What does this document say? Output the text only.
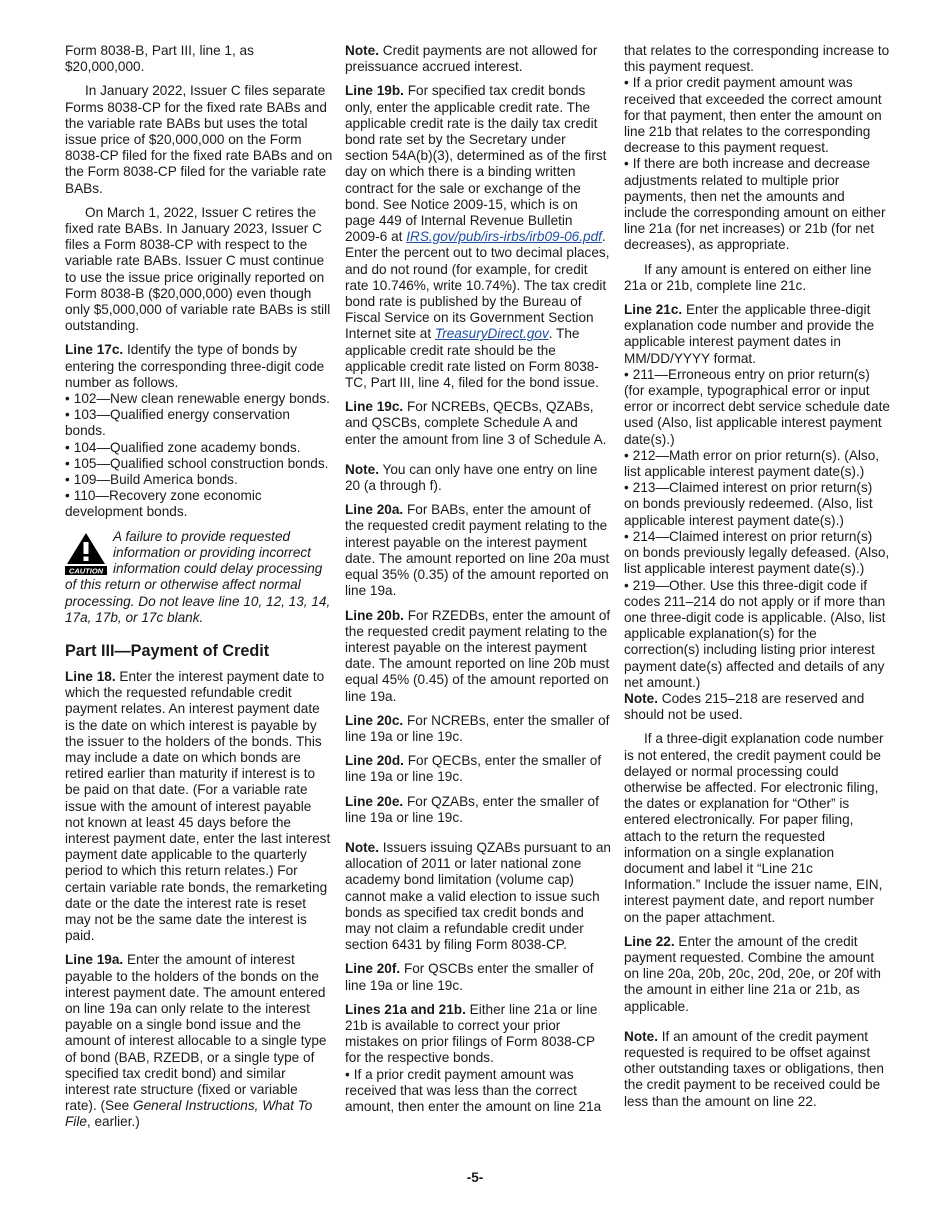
Form 8038-B, Part III, line 1, as $20,000,000.

In January 2022, Issuer C files separate Forms 8038-CP for the fixed rate BABs and the variable rate BABs but uses the total issue price of $20,000,000 on the Form 8038-CP filed for the fixed rate BABs and on the Form 8038-CP filed for the variable rate BABs.

On March 1, 2022, Issuer C retires the fixed rate BABs. In January 2023, Issuer C files a Form 8038-CP with respect to the variable rate BABs. Issuer C must continue to use the issue price originally reported on Form 8038-B ($20,000,000) even though only $5,000,000 of variable rate BABs is still outstanding.

Line 17c. Identify the type of bonds by entering the corresponding three-digit code number as follows.

• 102—New clean renewable energy bonds.
• 103—Qualified energy conservation bonds.
• 104—Qualified zone academy bonds.
• 105—Qualified school construction bonds.
• 109—Build America bonds.
• 110—Recovery zone economic development bonds.
CAUTION
A failure to provide requested information or providing incorrect information could delay processing of this return or otherwise affect normal processing. Do not leave line 10, 12, 13, 14, 17a, 17b, or 17c blank.
Part III—Payment of Credit

Line 18. Enter the interest payment date to which the requested refundable credit payment relates. An interest payment date is the date on which interest is payable by the issuer to the holders of the bonds. This may include a date on which bonds are retired earlier than maturity if interest is to be paid on that date. (For a variable rate issue with the amount of interest payable not known at least 45 days before the interest payment date, enter the last interest payment date applicable to the quarterly period to which this return relates.) For certain variable rate bonds, the remarketing date or the date the interest rate is reset may not be the same date the interest is paid.

Line 19a. Enter the amount of interest payable to the holders of the bonds on the interest payment date. The amount entered on line 19a can only relate to the interest payable on a single bond issue and the amount of interest allocable to a single type of bond (BAB, RZEDB, or a single type of specified tax credit bond) and similar interest rate structure (fixed or variable rate). (See General Instructions, What To File, earlier.)

Note. Credit payments are not allowed for preissuance accrued interest.

Line 19b. For specified tax credit bonds only, enter the applicable credit rate. The applicable credit rate is the daily tax credit bond rate set by the Secretary under section 54A(b)(3), determined as of the first day on which there is a binding written contract for the sale or exchange of the bond. See Notice 2009-15, which is on page 449 of Internal Revenue Bulletin 2009-6 at IRS.gov/pub/irs-irbs/irb09-06.pdf. Enter the percent out to two decimal places, and do not round (for example, for credit rate 10.746%, write 10.74%). The tax credit bond rate is published by the Bureau of Fiscal Service on its Government Section Internet site at TreasuryDirect.gov. The applicable credit rate should be the applicable credit rate listed on Form 8038-TC, Part III, line 4, filed for the bond issue.

Line 19c. For NCREBs, QECBs, QZABs, and QSCBs, complete Schedule A and enter the amount from line 3 of Schedule A.

Note. You can only have one entry on line 20 (a through f).

Line 20a. For BABs, enter the amount of the requested credit payment relating to the interest payable on the interest payment date. The amount reported on line 20a must equal 35% (0.35) of the amount reported on line 19a.

Line 20b. For RZEDBs, enter the amount of the requested credit payment relating to the interest payable on the interest payment date. The amount reported on line 20b must equal 45% (0.45) of the amount reported on line 19a.

Line 20c. For NCREBs, enter the smaller of line 19a or line 19c.

Line 20d. For QECBs, enter the smaller of line 19a or line 19c.

Line 20e. For QZABs, enter the smaller of line 19a or line 19c.

Note. Issuers issuing QZABs pursuant to an allocation of 2011 or later national zone academy bond limitation (volume cap) cannot make a valid election to issue such bonds as specified tax credit bonds and may not claim a refundable credit under section 6431 by filing Form 8038-CP.

Line 20f. For QSCBs enter the smaller of line 19a or line 19c.

Lines 21a and 21b. Either line 21a or line 21b is available to correct your prior mistakes on prior filings of Form 8038-CP for the respective bonds.

• If a prior credit payment amount was received that was less than the correct amount, then enter the amount on line 21a

that relates to the corresponding increase to this payment request.

• If a prior credit payment amount was received that exceeded the correct amount for that payment, then enter the amount on line 21b that relates to the corresponding decrease to this payment request.
• If there are both increase and decrease adjustments related to multiple prior payments, then net the amounts and include the corresponding amount on either line 21a (for net increases) or 21b (for net decreases), as appropriate.

If any amount is entered on either line 21a or 21b, complete line 21c.

Line 21c. Enter the applicable three-digit explanation code number and provide the applicable interest payment dates in MM/DD/YYYY format.

• 211—Erroneous entry on prior return(s) (for example, typographical error or input error or incorrect debt service schedule date used (Also, list applicable interest payment date(s).)
• 212—Math error on prior return(s). (Also, list applicable interest payment date(s).)
• 213—Claimed interest on prior return(s) on bonds previously redeemed. (Also, list applicable interest payment date(s).)
• 214—Claimed interest on prior return(s) on bonds previously legally defeased. (Also, list applicable interest payment date(s).)
• 219—Other. Use this three-digit code if codes 211–214 do not apply or if more than one three-digit code is applicable. (Also, list applicable explanation(s) for the correction(s) including listing prior interest payment date(s) affected and details of any net amount.)

Note. Codes 215–218 are reserved and should not be used.

If a three-digit explanation code number is not entered, the credit payment could be delayed or normal processing could otherwise be affected. For electronic filing, the dates or explanation for “Other” is entered electronically. For paper filing, attach to the return the requested information on a single explanation document and label it “Line 21c Information.” Include the issuer name, EIN, interest payment date, and report number on the paper attachment.

Line 22. Enter the amount of the credit payment requested. Combine the amount on line 20a, 20b, 20c, 20d, 20e, or 20f with the amount in either line 21a or 21b, as applicable.

Note. If an amount of the credit payment requested is required to be offset against other outstanding taxes or obligations, then the credit payment to be received could be less than the amount on line 22.

-5-
